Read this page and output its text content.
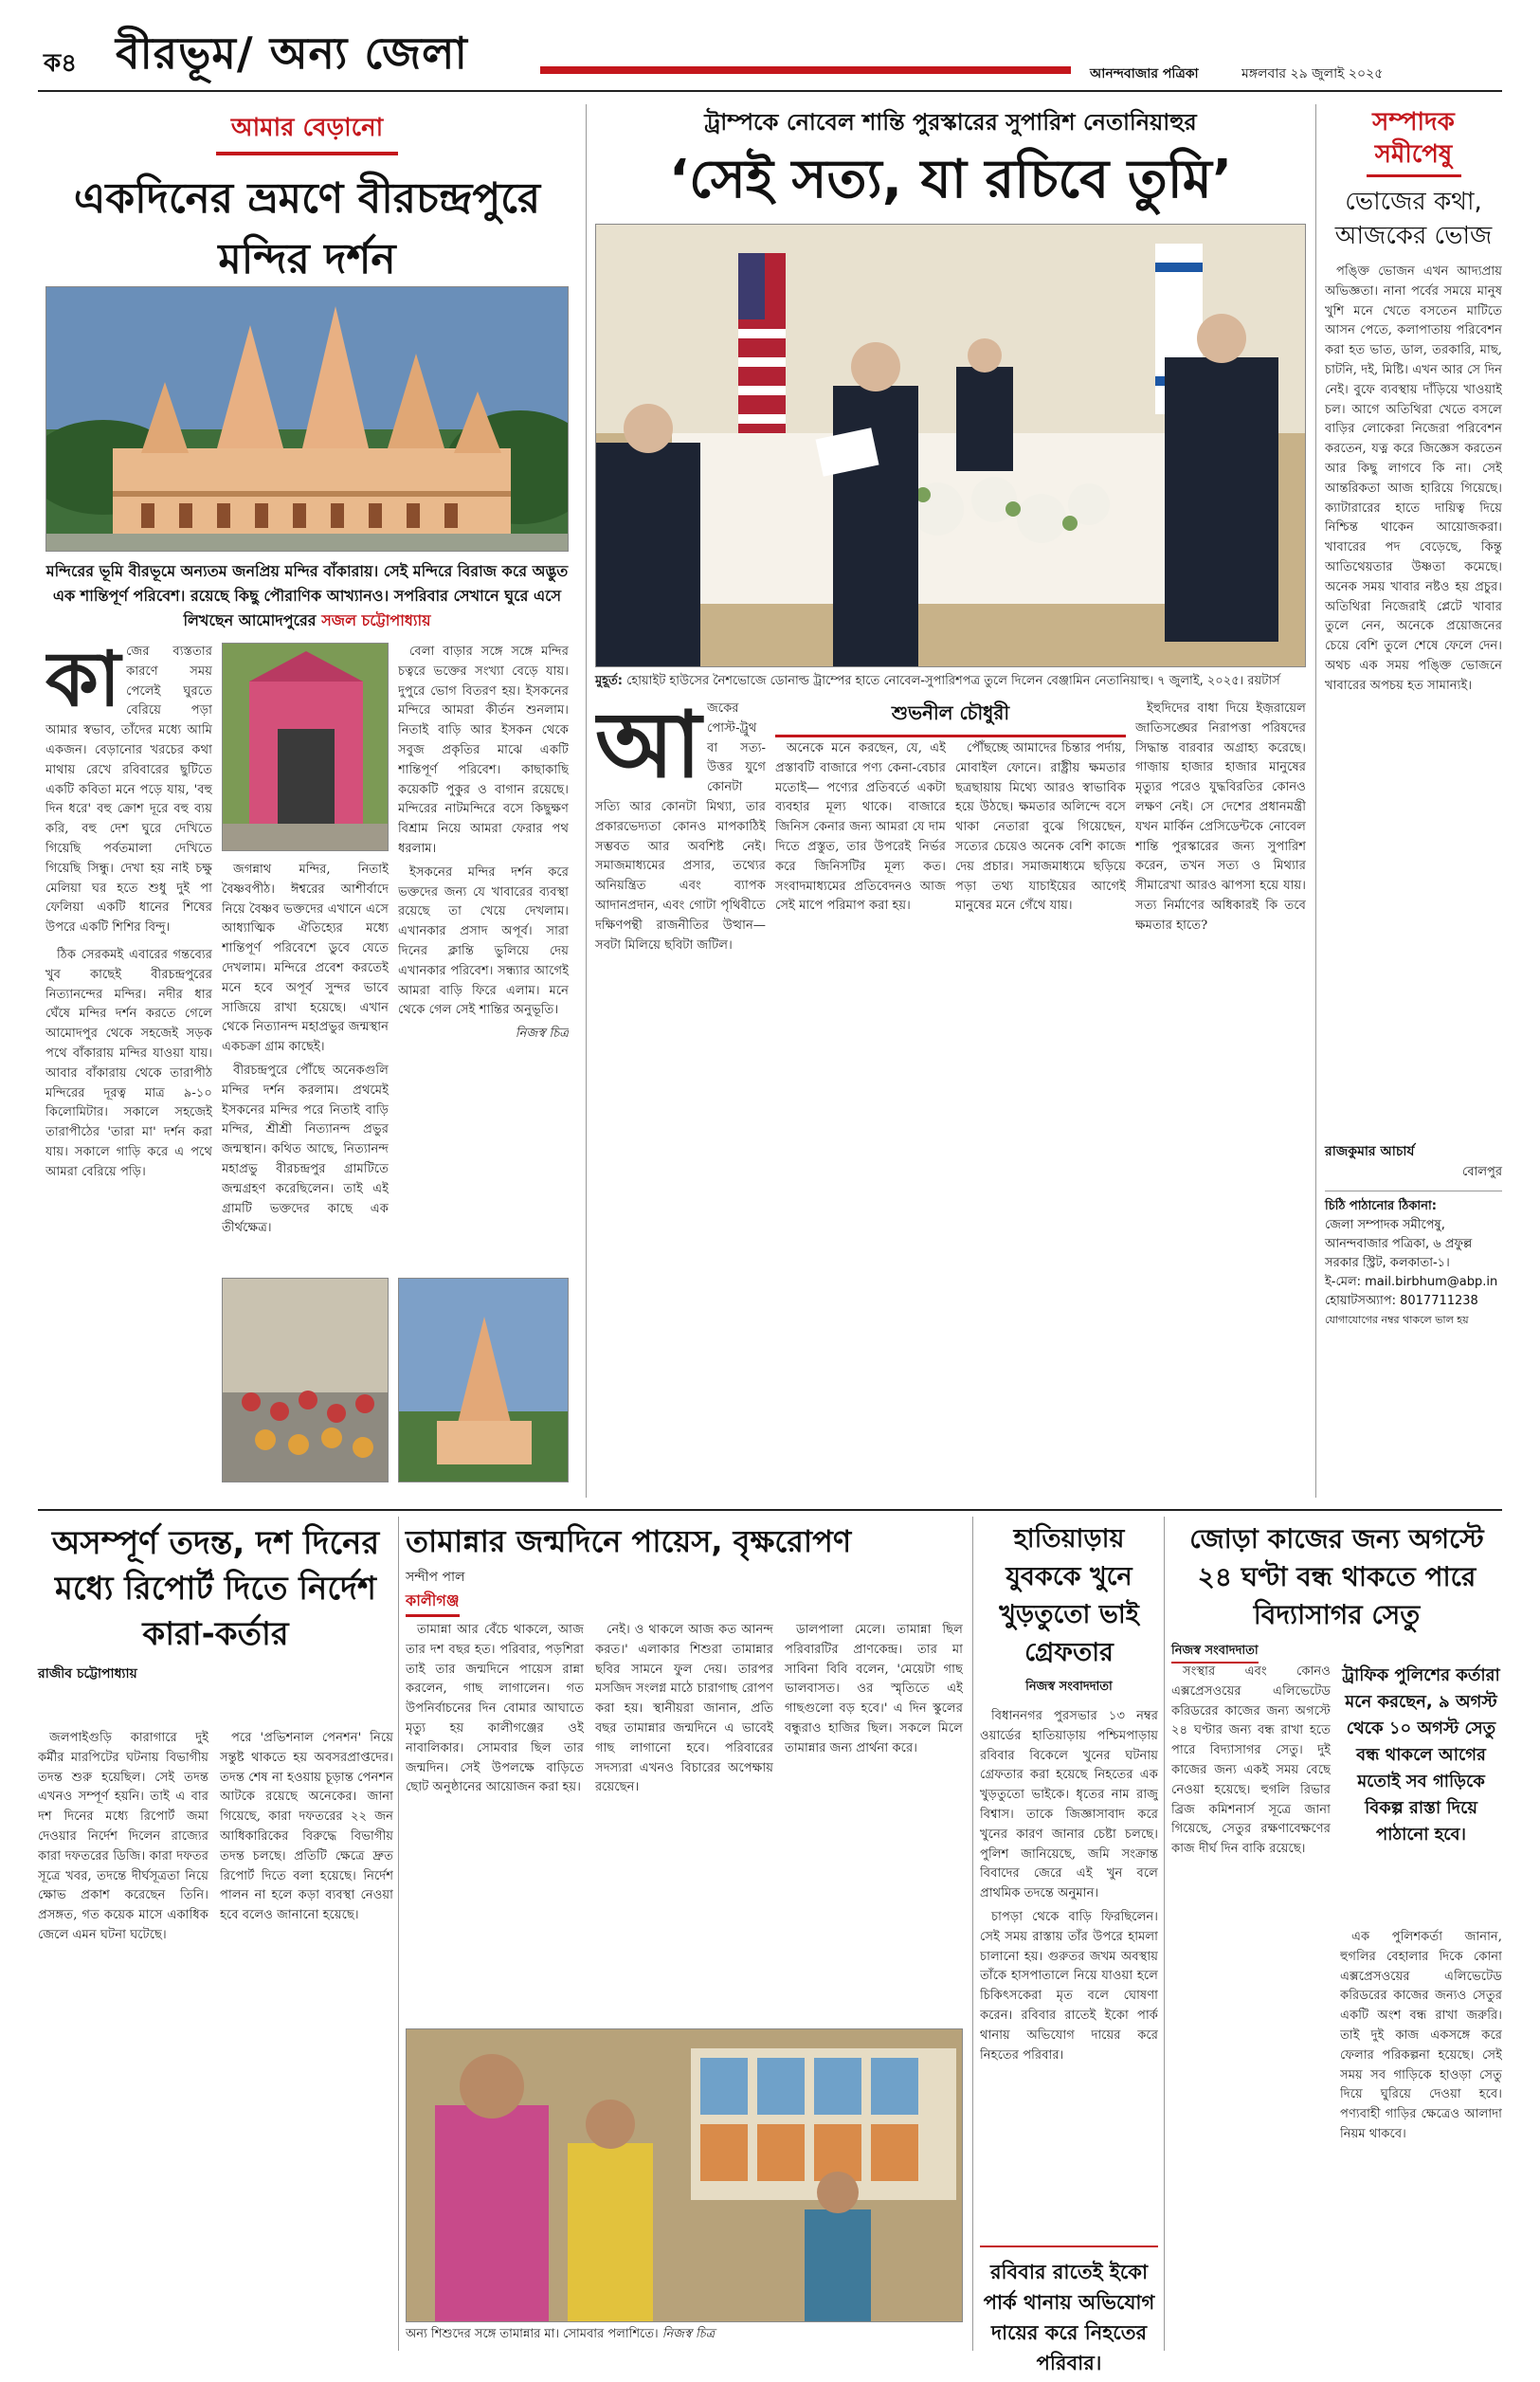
ক৪ বীরভূম/ অন্য জেলা	আনন্দবাজার পত্রিকা	মঙ্গলবার ২৯ জুলাই ২০২৫
আমার বেড়ানো
একদিনের ভ্রমণে বীরচন্দ্রপুরে মন্দির দর্শন
মন্দিরের ভূমি বীরভূমে অন্যতম জনপ্রিয় মন্দির বাঁকারায়। সেই মন্দিরে বিরাজ করে অদ্ভুত এক শান্তিপূর্ণ পরিবেশ। রয়েছে কিছু পৌরাণিক আখ্যানও। সপরিবার সেখানে ঘুরে এসে লিখছেন আমোদপুরের সজল চট্টোপাধ্যায়
কা জের ব্যস্ততার কারণে সময় পেলেই ঘুরতে বেরিয়ে পড়া আমার স্বভাব, তাঁদের মধ্যে আমি একজন। বেড়ানোর খরচের কথা মাথায় রেখে রবিবারের ছুটিতে একটি কবিতা মনে পড়ে যায়, 'বহু দিন ধরে' বহু ক্রোশ দূরে বহু ব্যয় করি, বহু দেশ ঘুরে দেখিতে গিয়েছি পর্বতমালা দেখিতে গিয়েছি সিন্ধু। দেখা হয় নাই চক্ষু মেলিয়া ঘর হতে শুধু দুই পা ফেলিয়া একটি ধানের শিষের উপরে একটি শিশির বিন্দু।

ঠিক সেরকমই এবারের গন্তব্যের খুব কাছেই বীরচন্দ্রপুরের নিত্যানন্দের মন্দির। নদীর ধার ঘেঁষে মন্দির দর্শন করতে গেলে আমোদপুর থেকে সহজেই সড়ক পথে বাঁকারায় মন্দির যাওয়া যায়। আবার বাঁকারায় থেকে তারাপীঠ মন্দিরের দূরত্ব মাত্র ৯-১০ কিলোমিটার। সকালে সহজেই তারাপীঠের 'তারা মা' দর্শন করা যায়। সকালে গাড়ি করে এ পথে আমরা বেরিয়ে পড়ি।

জগন্নাথ মন্দির, নিতাই বৈষ্ণবপীঠ। ঈশ্বরের আশীর্বাদে নিয়ে বৈষ্ণব ভক্তদের এখানে এসে আধ্যাত্মিক ঐতিহ্যের মধ্যে শান্তিপূর্ণ পরিবেশে ডুবে যেতে দেখলাম। মন্দিরে প্রবেশ করতেই মনে হবে অপূর্ব সুন্দর ভাবে সাজিয়ে রাখা হয়েছে। এখান থেকে নিত্যানন্দ মহাপ্রভুর জন্মস্থান একচক্রা গ্রাম কাছেই।

বীরচন্দ্রপুরে পৌঁছে অনেকগুলি মন্দির দর্শন করলাম। প্রথমেই ইসকনের মন্দির পরে নিতাই বাড়ি মন্দির, শ্রীশ্রী নিত্যানন্দ প্রভুর জন্মস্থান। কথিত আছে, নিত্যানন্দ মহাপ্রভু বীরচন্দ্রপুর গ্রামটিতে জন্মগ্রহণ করেছিলেন। তাই এই গ্রামটি ভক্তদের কাছে এক তীর্থক্ষেত্র।

বেলা বাড়ার সঙ্গে সঙ্গে মন্দির চত্বরে ভক্তের সংখ্যা বেড়ে যায়। দুপুরে ভোগ বিতরণ হয়। ইসকনের মন্দিরে আমরা কীর্তন শুনলাম। নিতাই বাড়ি আর ইসকন থেকে সবুজ প্রকৃতির মাঝে একটি শান্তিপূর্ণ পরিবেশ। কাছাকাছি কয়েকটি পুকুর ও বাগান রয়েছে। মন্দিরের নাটমন্দিরে বসে কিছুক্ষণ বিশ্রাম নিয়ে আমরা ফেরার পথ ধরলাম।

ইসকনের মন্দির দর্শন করে ভক্তদের জন্য যে খাবারের ব্যবস্থা রয়েছে তা খেয়ে দেখলাম। এখানকার প্রসাদ অপূর্ব। সারা দিনের ক্লান্তি ভুলিয়ে দেয় এখানকার পরিবেশ। সন্ধ্যার আগেই আমরা বাড়ি ফিরে এলাম। মনে থেকে গেল সেই শান্তির অনুভূতি।

নিজস্ব চিত্র

ট্রাম্পকে নোবেল শান্তি পুরস্কারের সুপারিশ নেতানিয়াহুর
‘সেই সত্য, যা রচিবে তুমি’
মুহূর্ত: হোয়াইট হাউসের নৈশভোজে ডোনাল্ড ট্রাম্পের হাতে নোবেল-সুপারিশপত্র তুলে দিলেন বেঞ্জামিন নেতানিয়াহু। ৭ জুলাই, ২০২৫। রয়টার্স
আ জকের পোস্ট-ট্রুথ বা সত্য-উত্তর যুগে কোনটা সত্যি আর কোনটা মিথ্যা, তার প্রকারভেদ্যতা কোনও মাপকাঠিই সম্ভবত আর অবশিষ্ট নেই। সমাজমাধ্যমের প্রসার, তথ্যের অনিয়ন্ত্রিত এবং ব্যাপক আদানপ্রদান, এবং গোটা পৃথিবীতে দক্ষিণপন্থী রাজনীতির উত্থান—সবটা মিলিয়ে ছবিটা জটিল।
শুভনীল চৌধুরী

অনেকে মনে করছেন, যে, এই প্রস্তাবটি বাজারে পণ্য কেনা-বেচার মতোই— পণ্যের প্রতিবর্তে একটা ব্যবহার মূল্য থাকে। বাজারে জিনিস কেনার জন্য আমরা যে দাম দিতে প্রস্তুত, তার উপরেই নির্ভর করে জিনিসটির মূল্য কত। সংবাদমাধ্যমের প্রতিবেদনও আজ সেই মাপে পরিমাপ করা হয়।

পৌঁছচ্ছে আমাদের চিন্তার পর্দায়, মোবাইল ফোনে। রাষ্ট্রীয় ক্ষমতার ছত্রছায়ায় মিথ্যে আরও স্বাভাবিক হয়ে উঠছে। ক্ষমতার অলিন্দে বসে থাকা নেতারা বুঝে গিয়েছেন, সত্যের চেয়েও অনেক বেশি কাজে দেয় প্রচার। সমাজমাধ্যমে ছড়িয়ে পড়া তথ্য যাচাইয়ের আগেই মানুষের মনে গেঁথে যায়।

ইহুদিদের বাধা দিয়ে ইজ়রায়েল জাতিসঙ্ঘের নিরাপত্তা পরিষদের সিদ্ধান্ত বারবার অগ্রাহ্য করেছে। গাজ়ায় হাজার হাজার মানুষের মৃত্যুর পরেও যুদ্ধবিরতির কোনও লক্ষণ নেই। সে দেশের প্রধানমন্ত্রী যখন মার্কিন প্রেসিডেন্টকে নোবেল শান্তি পুরস্কারের জন্য সুপারিশ করেন, তখন সত্য ও মিথ্যার সীমারেখা আরও ঝাপসা হয়ে যায়। সত্য নির্মাণের অধিকারই কি তবে ক্ষমতার হাতে?

সম্পাদক
সমীপেষু
ভোজের কথা, আজকের ভোজ

পঙ্ক্তি ভোজন এখন আদ্যপ্রায় অভিজ্ঞতা। নানা পর্বের সময়ে মানুষ খুশি মনে খেতে বসতেন মাটিতে আসন পেতে, কলাপাতায় পরিবেশন করা হত ভাত, ডাল, তরকারি, মাছ, চাটনি, দই, মিষ্টি। এখন আর সে দিন নেই। বুফে ব্যবস্থায় দাঁড়িয়ে খাওয়াই চল। আগে অতিথিরা খেতে বসলে বাড়ির লোকেরা নিজেরা পরিবেশন করতেন, যত্ন করে জিজ্ঞেস করতেন আর কিছু লাগবে কি না। সেই আন্তরিকতা আজ হারিয়ে গিয়েছে। ক্যাটারারের হাতে দায়িত্ব দিয়ে নিশ্চিন্ত থাকেন আয়োজকরা। খাবারের পদ বেড়েছে, কিন্তু আতিথেয়তার উষ্ণতা কমেছে। অনেক সময় খাবার নষ্টও হয় প্রচুর। অতিথিরা নিজেরাই প্লেটে খাবার তুলে নেন, অনেকে প্রয়োজনের চেয়ে বেশি তুলে শেষে ফেলে দেন। অথচ এক সময় পঙ্ক্তি ভোজনে খাবারের অপচয় হত সামান্যই।

রাজকুমার আচার্য
বোলপুর
চিঠি পাঠানোর ঠিকানা:
জেলা সম্পাদক সমীপেষু, আনন্দবাজার পত্রিকা, ৬ প্রফুল্ল সরকার স্ট্রিট, কলকাতা-১।
ই-মেল: mail.birbhum@abp.in
হোয়াটসঅ্যাপ: 8017711238
যোগাযোগের নম্বর থাকলে ভাল হয়
অসম্পূর্ণ তদন্ত, দশ দিনের মধ্যে রিপোর্ট দিতে নির্দেশ কারা-কর্তার
রাজীব চট্টোপাধ্যায়

জলপাইগুড়ি কারাগারে দুই কর্মীর মারপিটের ঘটনায় বিভাগীয় তদন্ত শুরু হয়েছিল। সেই তদন্ত এখনও সম্পূর্ণ হয়নি। তাই এ বার দশ দিনের মধ্যে রিপোর্ট জমা দেওয়ার নির্দেশ দিলেন রাজ্যের কারা দফতরের ডিজি। কারা দফতর সূত্রে খবর, তদন্তে দীর্ঘসূত্রতা নিয়ে ক্ষোভ প্রকাশ করেছেন তিনি। প্রসঙ্গত, গত কয়েক মাসে একাধিক জেলে এমন ঘটনা ঘটেছে।

পরে 'প্রভিশনাল পেনশন' নিয়ে সন্তুষ্ট থাকতে হয় অবসরপ্রাপ্তদের। তদন্ত শেষ না হওয়ায় চূড়ান্ত পেনশন আটকে রয়েছে অনেকের। জানা গিয়েছে, কারা দফতরের ২২ জন আধিকারিকের বিরুদ্ধে বিভাগীয় তদন্ত চলছে। প্রতিটি ক্ষেত্রে দ্রুত রিপোর্ট দিতে বলা হয়েছে। নির্দেশ পালন না হলে কড়া ব্যবস্থা নেওয়া হবে বলেও জানানো হয়েছে।

তামান্নার জন্মদিনে পায়েস, বৃক্ষরোপণ
সন্দীপ পাল
কালীগঞ্জ

তামান্না আর বেঁচে থাকলে, আজ তার দশ বছর হত। পরিবার, পড়শিরা তাই তার জন্মদিনে পায়েস রান্না করলেন, গাছ লাগালেন। গত উপনির্বাচনের দিন বোমার আঘাতে মৃত্যু হয় কালীগঞ্জের ওই নাবালিকার। সোমবার ছিল তার জন্মদিন। সেই উপলক্ষে বাড়িতে ছোট অনুষ্ঠানের আয়োজন করা হয়।

নেই। ও থাকলে আজ কত আনন্দ করত।' এলাকার শিশুরা তামান্নার ছবির সামনে ফুল দেয়। তারপর মসজিদ সংলগ্ন মাঠে চারাগাছ রোপণ করা হয়। স্থানীয়রা জানান, প্রতি বছর তামান্নার জন্মদিনে এ ভাবেই গাছ লাগানো হবে। পরিবারের সদস্যরা এখনও বিচারের অপেক্ষায় রয়েছেন।

ডালপালা মেলে। তামান্না ছিল পরিবারটির প্রাণকেন্দ্র। তার মা সাবিনা বিবি বলেন, 'মেয়েটা গাছ ভালবাসত। ওর স্মৃতিতে এই গাছগুলো বড় হবে।' এ দিন স্কুলের বন্ধুরাও হাজির ছিল। সকলে মিলে তামান্নার জন্য প্রার্থনা করে।

অন্য শিশুদের সঙ্গে তামান্নার মা। সোমবার পলাশিতে। নিজস্ব চিত্র
হাতিয়াড়ায় যুবককে খুনে খুড়তুতো ভাই গ্রেফতার
নিজস্ব সংবাদদাতা

বিধাননগর পুরসভার ১৩ নম্বর ওয়ার্ডের হাতিয়াড়ায় পশ্চিমপাড়ায় রবিবার বিকেলে খুনের ঘটনায় গ্রেফতার করা হয়েছে নিহতের এক খুড়তুতো ভাইকে। ধৃতের নাম রাজু বিশ্বাস। তাকে জিজ্ঞাসাবাদ করে খুনের কারণ জানার চেষ্টা চলছে। পুলিশ জানিয়েছে, জমি সংক্রান্ত বিবাদের জেরে এই খুন বলে প্রাথমিক তদন্তে অনুমান।

চাপড়া থেকে বাড়ি ফিরছিলেন। সেই সময় রাস্তায় তাঁর উপরে হামলা চালানো হয়। গুরুতর জখম অবস্থায় তাঁকে হাসপাতালে নিয়ে যাওয়া হলে চিকিৎসকেরা মৃত বলে ঘোষণা করেন। রবিবার রাতেই ইকো পার্ক থানায় অভিযোগ দায়ের করে নিহতের পরিবার।

রবিবার রাতেই ইকো পার্ক থানায় অভিযোগ দায়ের করে নিহতের পরিবার।
জোড়া কাজের জন্য অগস্টে ২৪ ঘণ্টা বন্ধ থাকতে পারে বিদ্যাসাগর সেতু
নিজস্ব সংবাদদাতা

সংস্থার এবং কোনও এক্সপ্রেসওয়ের এলিভেটেড করিডরের কাজের জন্য অগস্টে ২৪ ঘণ্টার জন্য বন্ধ রাখা হতে পারে বিদ্যাসাগর সেতু। দুই কাজের জন্য একই সময় বেছে নেওয়া হয়েছে। হুগলি রিভার ব্রিজ কমিশনার্স সূত্রে জানা গিয়েছে, সেতুর রক্ষণাবেক্ষণের কাজ দীর্ঘ দিন বাকি রয়েছে।

ট্রাফিক পুলিশের কর্তারা মনে করছেন, ৯ অগস্ট থেকে ১০ অগস্ট সেতু বন্ধ থাকলে আগের মতোই সব গাড়িকে বিকল্প রাস্তা দিয়ে পাঠানো হবে।

এক পুলিশকর্তা জানান, হুগলির বেহালার দিকে কোনা এক্সপ্রেসওয়ের এলিভেটেড করিডরের কাজের জন্যও সেতুর একটি অংশ বন্ধ রাখা জরুরি। তাই দুই কাজ একসঙ্গে করে ফেলার পরিকল্পনা হয়েছে। সেই সময় সব গাড়িকে হাওড়া সেতু দিয়ে ঘুরিয়ে দেওয়া হবে। পণ্যবাহী গাড়ির ক্ষেত্রেও আলাদা নিয়ম থাকবে।
